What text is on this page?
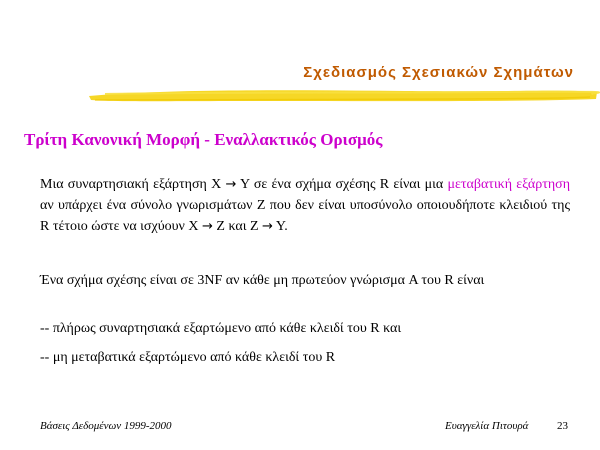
Σχεδιασμός Σχεσιακών Σχημάτων
Τρίτη Κανονική Μορφή - Εναλλακτικός Ορισμός
Μια συναρτησιακή εξάρτηση X → Y σε ένα σχήμα σχέσης R είναι μια μεταβατική εξάρτηση αν υπάρχει ένα σύνολο γνωρισμάτων Z που δεν είναι υποσύνολο οποιουδήποτε κλειδιού της R τέτοιο ώστε να ισχύουν X → Z και Z → Y.
Ένα σχήμα σχέσης είναι σε 3NF αν κάθε μη πρωτεύον γνώρισμα A του R είναι
-- πλήρως συναρτησιακά εξαρτώμενο από κάθε κλειδί του R και
-- μη μεταβατικά εξαρτώμενο από κάθε κλειδί του R
Βάσεις Δεδομένων 1999-2000	Ευαγγελία Πιτουρά	23
